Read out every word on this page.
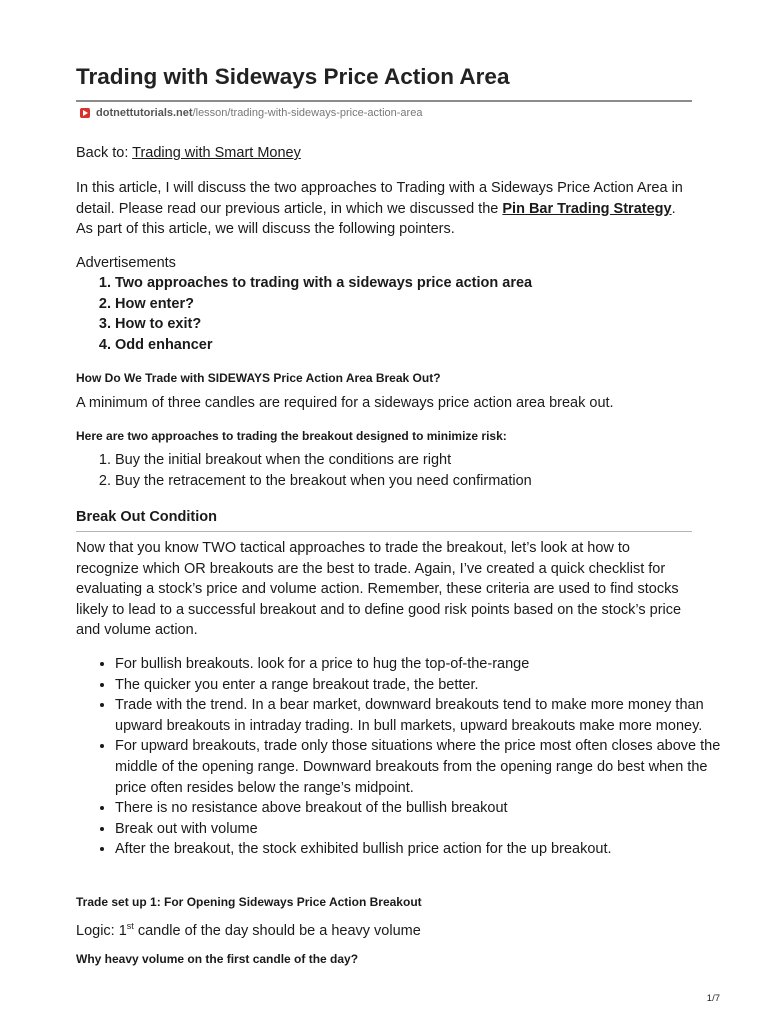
Trading with Sideways Price Action Area
dotnettutorials.net /lesson/trading-with-sideways-price-action-area

Back to: Trading with Smart Money

In this article, I will discuss the two approaches to Trading with a Sideways Price Action Area in detail. Please read our previous article, in which we discussed the Pin Bar Trading Strategy. As part of this article, we will discuss the following pointers.

Advertisements
1. Two approaches to trading with a sideways price action area
2. How enter?
3. How to exit?
4. Odd enhancer
How Do We Trade with SIDEWAYS Price Action Area Break Out?

A minimum of three candles are required for a sideways price action area break out.

Here are two approaches to trading the breakout designed to minimize risk:
1. Buy the initial breakout when the conditions are right
2. Buy the retracement to the breakout when you need confirmation
Break Out Condition

Now that you know TWO tactical approaches to trade the breakout, let’s look at how to recognize which OR breakouts are the best to trade. Again, I’ve created a quick checklist for evaluating a stock’s price and volume action. Remember, these criteria are used to find stocks likely to lead to a successful breakout and to define good risk points based on the stock’s price and volume action.

• For bullish breakouts. look for a price to hug the top-of-the-range
• The quicker you enter a range breakout trade, the better.
• Trade with the trend. In a bear market, downward breakouts tend to make more money than upward breakouts in intraday trading. In bull markets, upward breakouts make more money.
• For upward breakouts, trade only those situations where the price most often closes above the middle of the opening range. Downward breakouts from the opening range do best when the price often resides below the range’s midpoint.
• There is no resistance above breakout of the bullish breakout
• Break out with volume
• After the breakout, the stock exhibited bullish price action for the up breakout.
Trade set up 1: For Opening Sideways Price Action Breakout

Logic: 1st candle of the day should be a heavy volume

Why heavy volume on the first candle of the day?
1/7
